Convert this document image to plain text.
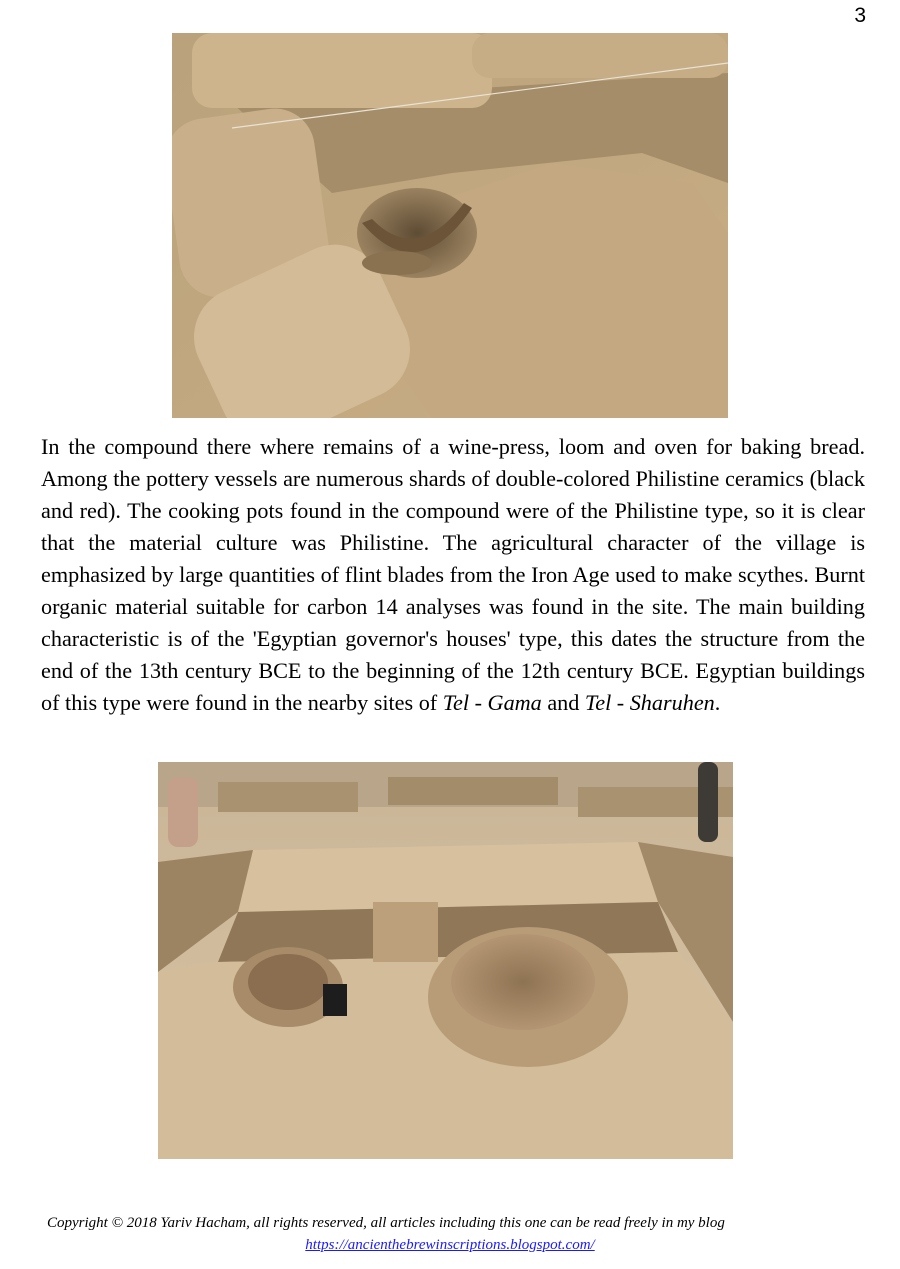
3

In the compound there where remains of a wine-press, loom and oven for baking bread. Among the pottery vessels are numerous shards of double-colored Philistine ceramics (black and red). The cooking pots found in the compound were of the Philistine type, so it is clear that the material culture was Philistine. The agricultural character of the village is emphasized by large quantities of flint blades from the Iron Age used to make scythes. Burnt organic material suitable for carbon 14 analyses was found in the site. The main building characteristic is of the 'Egyptian governor's houses' type, this dates the structure from the end of the 13th century BCE to the beginning of the 12th century BCE. Egyptian buildings of this type were found in the nearby sites of Tel - Gama and Tel - Sharuhen.

Copyright © 2018 Yariv Hacham, all rights reserved, all articles including this one can be read freely in my blog
https://ancienthebrewinscriptions.blogspot.com/
